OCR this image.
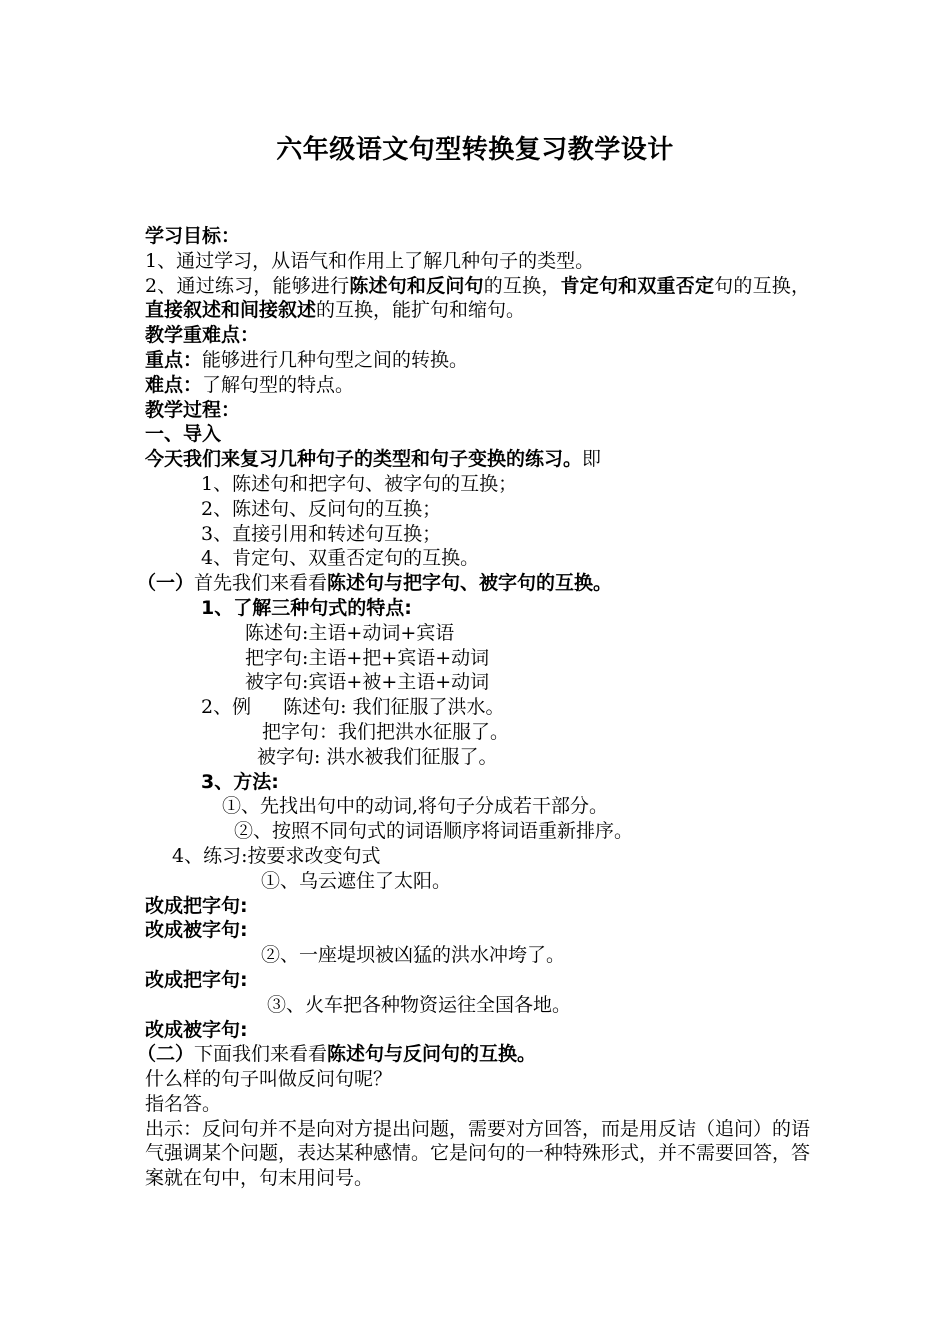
六年级语文句型转换复习教学设计
学习目标：
1、通过学习，从语气和作用上了解几种句子的类型。
2、通过练习，能够进行陈述句和反问句的互换，肯定句和双重否定句的互换，直接叙述和间接叙述的互换，能扩句和缩句。
教学重难点：
重点：能够进行几种句型之间的转换。
难点：了解句型的特点。
教学过程：
一、导入
今天我们来复习几种句子的类型和句子变换的练习。即
1、陈述句和把字句、被字句的互换；
2、陈述句、反问句的互换；
3、直接引用和转述句互换；
4、肯定句、双重否定句的互换。
（一）首先我们来看看陈述句与把字句、被字句的互换。
1、了解三种句式的特点:
陈述句:主语+动词+宾语
把字句:主语+把+宾语+动词
被字句:宾语+被+主语+动词
2、例 陈述句: 我们征服了洪水。
把字句：我们把洪水征服了。
被字句: 洪水被我们征服了。
3、方法:
①、先找出句中的动词,将句子分成若干部分。
②、按照不同句式的词语顺序将词语重新排序。
4、练习:按要求改变句式
①、乌云遮住了太阳。
改成把字句:
改成被字句:
②、一座堤坝被凶猛的洪水冲垮了。
改成把字句:
③、火车把各种物资运往全国各地。
改成被字句:
（二）下面我们来看看陈述句与反问句的互换。
什么样的句子叫做反问句呢？
指名答。
出示：反问句并不是向对方提出问题，需要对方回答，而是用反诘（追问）的语气强调某个问题，表达某种感情。它是问句的一种特殊形式，并不需要回答，答案就在句中，句末用问号。
